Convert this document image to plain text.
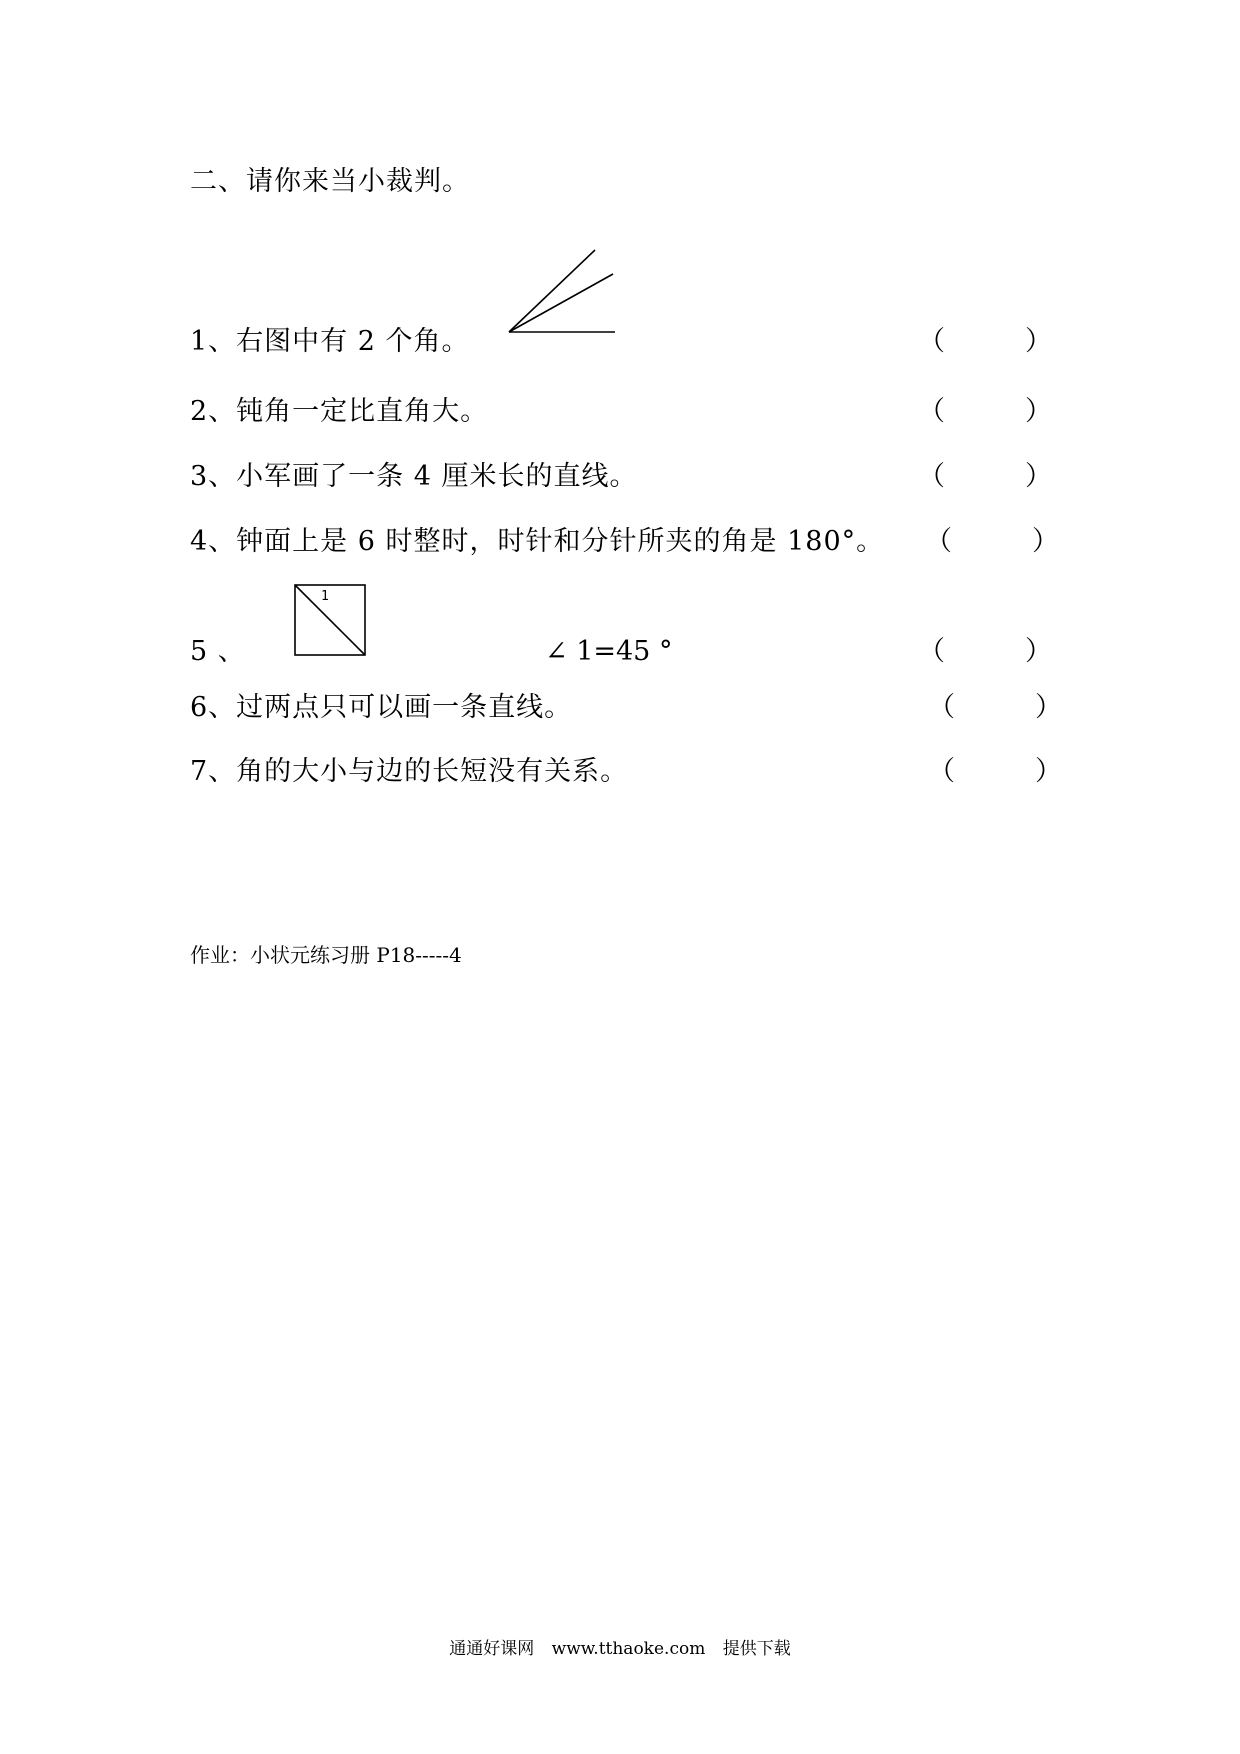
二、请你来当小裁判。
1、右图中有 2 个角。	（	）
2、钝角一定比直角大。	（	）
3、小军画了一条 4 厘米长的直线。	（	）
4、钟面上是 6 时整时，时针和分针所夹的角是 180°。 （	）
5 、
1
∠ 1=45 °	（	）
6、过两点只可以画一条直线。	（	）
7、角的大小与边的长短没有关系。	（	）
作业：小状元练习册 P18-----4
通通好课网 www.tthaoke.com 提供下载
